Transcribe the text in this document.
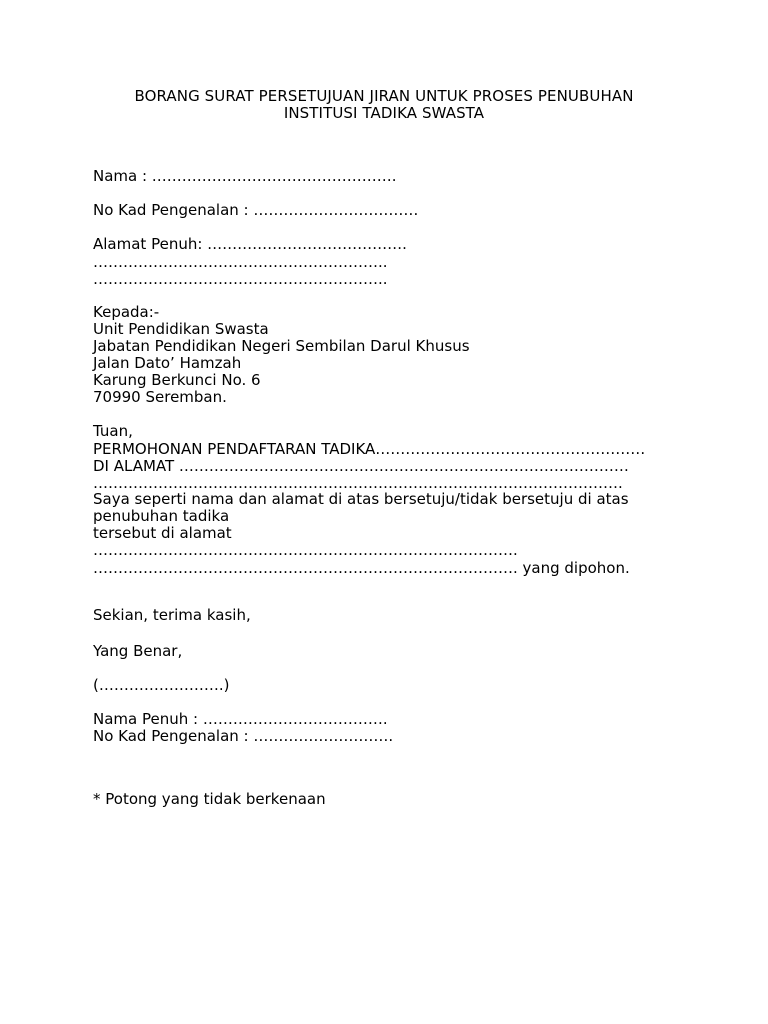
BORANG SURAT PERSETUJUAN JIRAN UNTUK PROSES PENUBUHAN
INSTITUSI TADIKA SWASTA
Nama : ………………………………………….
No Kad Pengenalan : ……………………………
Alamat Penuh: ………………………………….
…………………………………………………..
…………………………………………………..
Kepada:-
Unit Pendidikan Swasta
Jabatan Pendidikan Negeri Sembilan Darul Khusus
Jalan Dato’ Hamzah
Karung Berkunci No. 6
70990 Seremban.
Tuan,
PERMOHONAN PENDAFTARAN TADIKA………………………………………………
DI ALAMAT ………………………………………………………………………………
…………………………………………………………………………………………….
Saya seperti nama dan alamat di atas bersetuju/tidak bersetuju di atas
penubuhan tadika
tersebut di alamat
………………………………………………………………………….
…………………………………………………………………………. yang dipohon.
Sekian, terima kasih,
Yang Benar,
(…………………….)
Nama Penuh : ……………………………….
No Kad Pengenalan : ……………………….
* Potong yang tidak berkenaan
